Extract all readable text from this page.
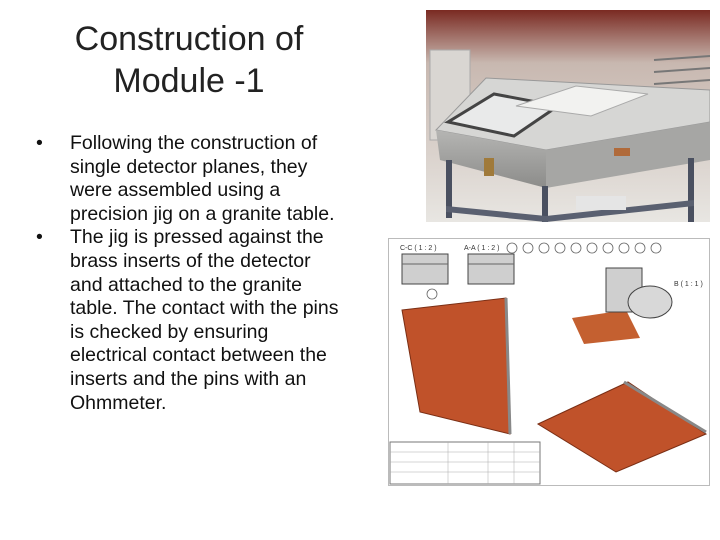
Construction of
Module -1
• Following the construction of single detector planes, they were assembled using a precision jig on a granite table.
• The jig is pressed against the brass inserts of the detector and attached to the granite table. The contact with the pins is checked by ensuring electrical contact between the inserts and the pins with an Ohmmeter.
C-C ( 1 : 2 )	A-A ( 1 : 2 )
B ( 1 : 1 )
